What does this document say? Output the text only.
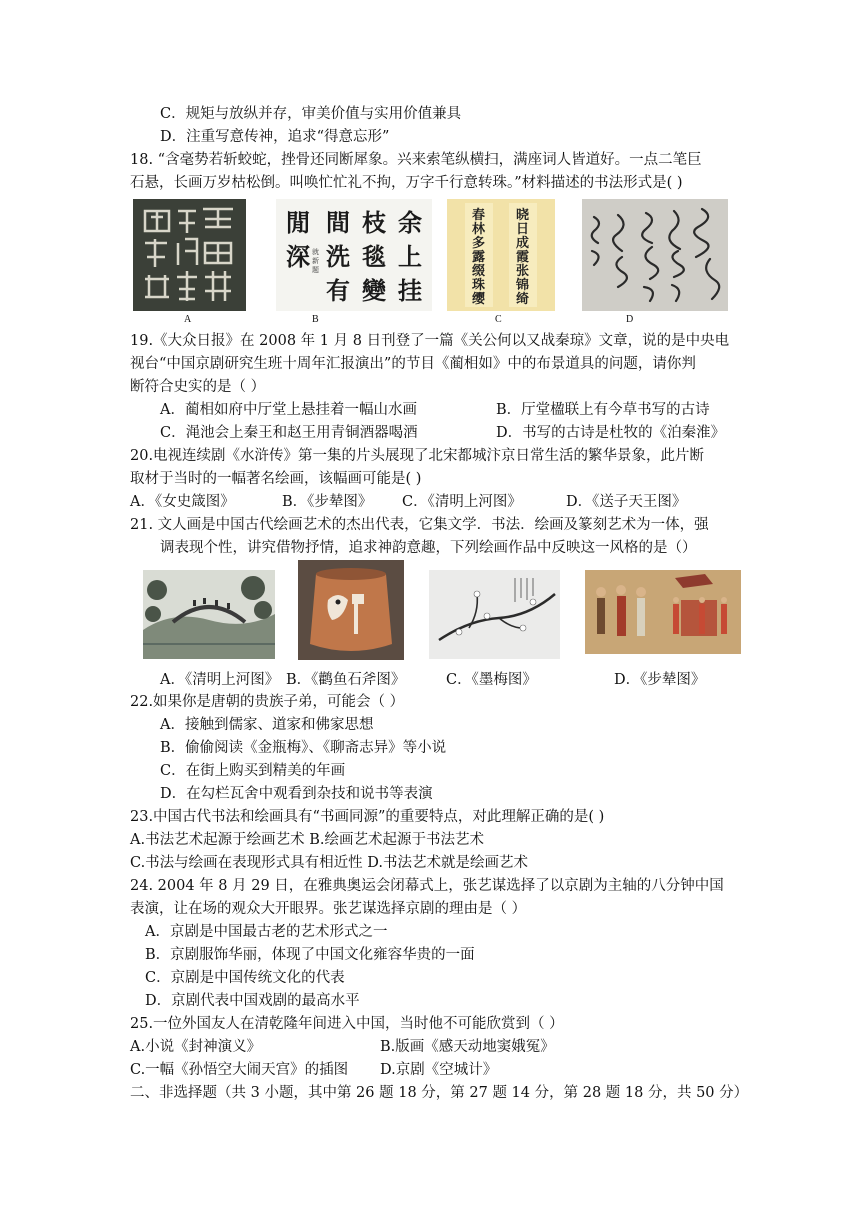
C．规矩与放纵并存，审美价值与实用价值兼具
D．注重写意传神，追求“得意忘形”
18. “含毫势若斩蛟蛇，挫骨还同断犀象。兴来索笔纵横扫，满座词人皆道好。一点二笔巨
石悬，长画万岁枯松倒。叫唤忙忙礼不拘，万字千行意转珠。”材料描述的书法形式是( )
A
余
枝
間
閒
上
毯
洗
深
挂
變
有
就
新
题
B
晓
日
成
霞
张
锦
绮
春
林
多
露
缀
珠
缨
C	D
19.《大众日报》在 2008 年 1 月 8 日刊登了一篇《关公何以又战秦琼》文章，说的是中央电
视台“中国京剧研究生班十周年汇报演出”的节目《蔺相如》中的布景道具的问题，请你判
断符合史实的是（ ）
A．蔺相如府中厅堂上悬挂着一幅山水画	B．厅堂楹联上有今草书写的古诗
C．渑池会上秦王和赵王用青铜酒器喝酒	D．书写的古诗是杜牧的《泊秦淮》
20.电视连续剧《水浒传》第一集的片头展现了北宋都城汴京日常生活的繁华景象，此片断
取材于当时的一幅著名绘画，该幅画可能是( )
A．《女史箴图》	B．《步辇图》 C．《清明上河图》	D．《送子天王图》
21. 文人画是中国古代绘画艺术的杰出代表，它集文学．书法．绘画及篆刻艺术为一体，强
调表现个性，讲究借物抒情，追求神韵意趣，下列绘画作品中反映这一风格的是（）
A．《清明上河图》 B．《鹳鱼石斧图》	C．《墨梅图》	D．《步辇图》
22.如果你是唐朝的贵族子弟，可能会（ ）
A．接触到儒家、道家和佛家思想
B．偷偷阅读《金瓶梅》、《聊斋志异》等小说
C．在街上购买到精美的年画
D．在勾栏瓦舍中观看到杂技和说书等表演
23.中国古代书法和绘画具有“书画同源”的重要特点，对此理解正确的是( )
A.书法艺术起源于绘画艺术 B.绘画艺术起源于书法艺术
C.书法与绘画在表现形式具有相近性 D.书法艺术就是绘画艺术
24. 2004 年 8 月 29 日，在雅典奥运会闭幕式上，张艺谋选择了以京剧为主轴的八分钟中国
表演，让在场的观众大开眼界。张艺谋选择京剧的理由是（ ）
A．京剧是中国最古老的艺术形式之一
B．京剧服饰华丽，体现了中国文化雍容华贵的一面
C．京剧是中国传统文化的代表
D．京剧代表中国戏剧的最高水平
25.一位外国友人在清乾隆年间进入中国，当时他不可能欣赏到（ ）
A.小说《封神演义》	B.版画《感天动地窦娥冤》
C.一幅《孙悟空大闹天宫》的插图 D.京剧《空城计》
二、非选择题（共 3 小题，其中第 26 题 18 分，第 27 题 14 分，第 28 题 18 分，共 50 分）
